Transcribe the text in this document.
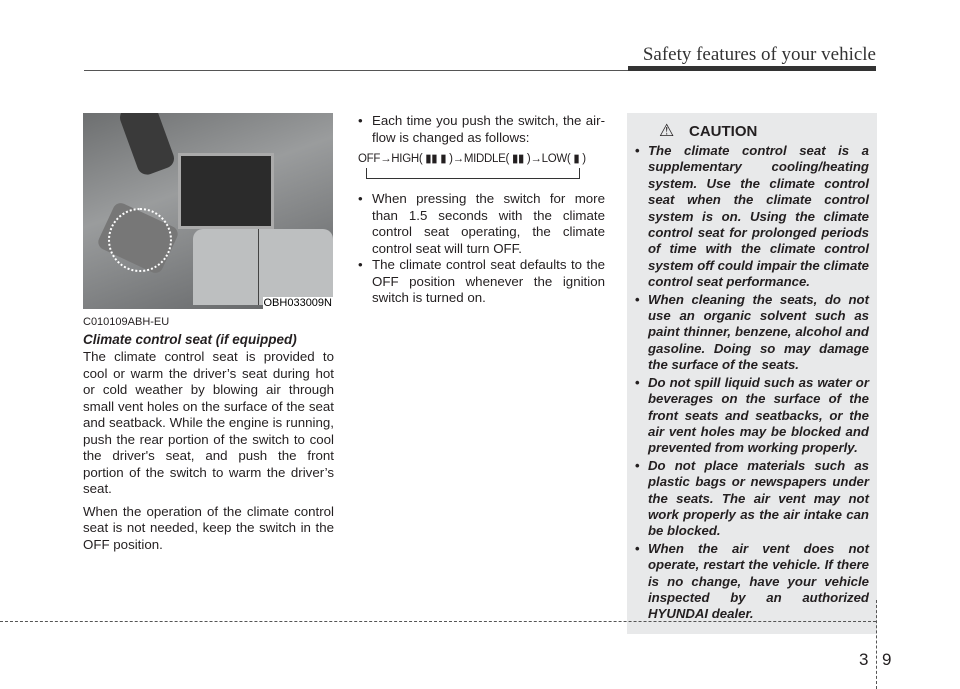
Safety features of your vehicle
OBH033009N
C010109ABH-EU
Climate control seat (if equipped)
The climate control seat is provided to cool or warm the driver’s seat during hot or cold weather by blowing air through small vent holes on the surface of the seat and seatback. While the engine is running, push the rear portion of the switch to cool the driver's seat, and push the front portion of the switch to warm the driver’s seat.
When the operation of the climate control seat is not needed, keep the switch in the OFF position.
• Each time you push the switch, the air-flow is changed as follows:
OFF→HIGH( ▮▮ ▮ )→MIDDLE( ▮▮ )→LOW( ▮ )
• When pressing the switch for more than 1.5 seconds with the climate control seat operating, the climate control seat will turn OFF.
• The climate control seat defaults to the OFF position whenever the ignition switch is turned on.
⚠ CAUTION
• The climate control seat is a supplementary cooling/heating system. Use the climate control seat when the climate control system is on. Using the climate control seat for prolonged periods of time with the climate control system off could impair the climate control seat performance.
• When cleaning the seats, do not use an organic solvent such as paint thinner, benzene, alcohol and gasoline. Doing so may damage the surface of the seats.
• Do not spill liquid such as water or beverages on the surface of the front seats and seatbacks, or the air vent holes may be blocked and prevented from working properly.
• Do not place materials such as plastic bags or newspapers under the seats. The air vent may not work properly as the air intake can be blocked.
• When the air vent does not operate, restart the vehicle. If there is no change, have your vehicle inspected by an authorized HYUNDAI dealer.
3 9
